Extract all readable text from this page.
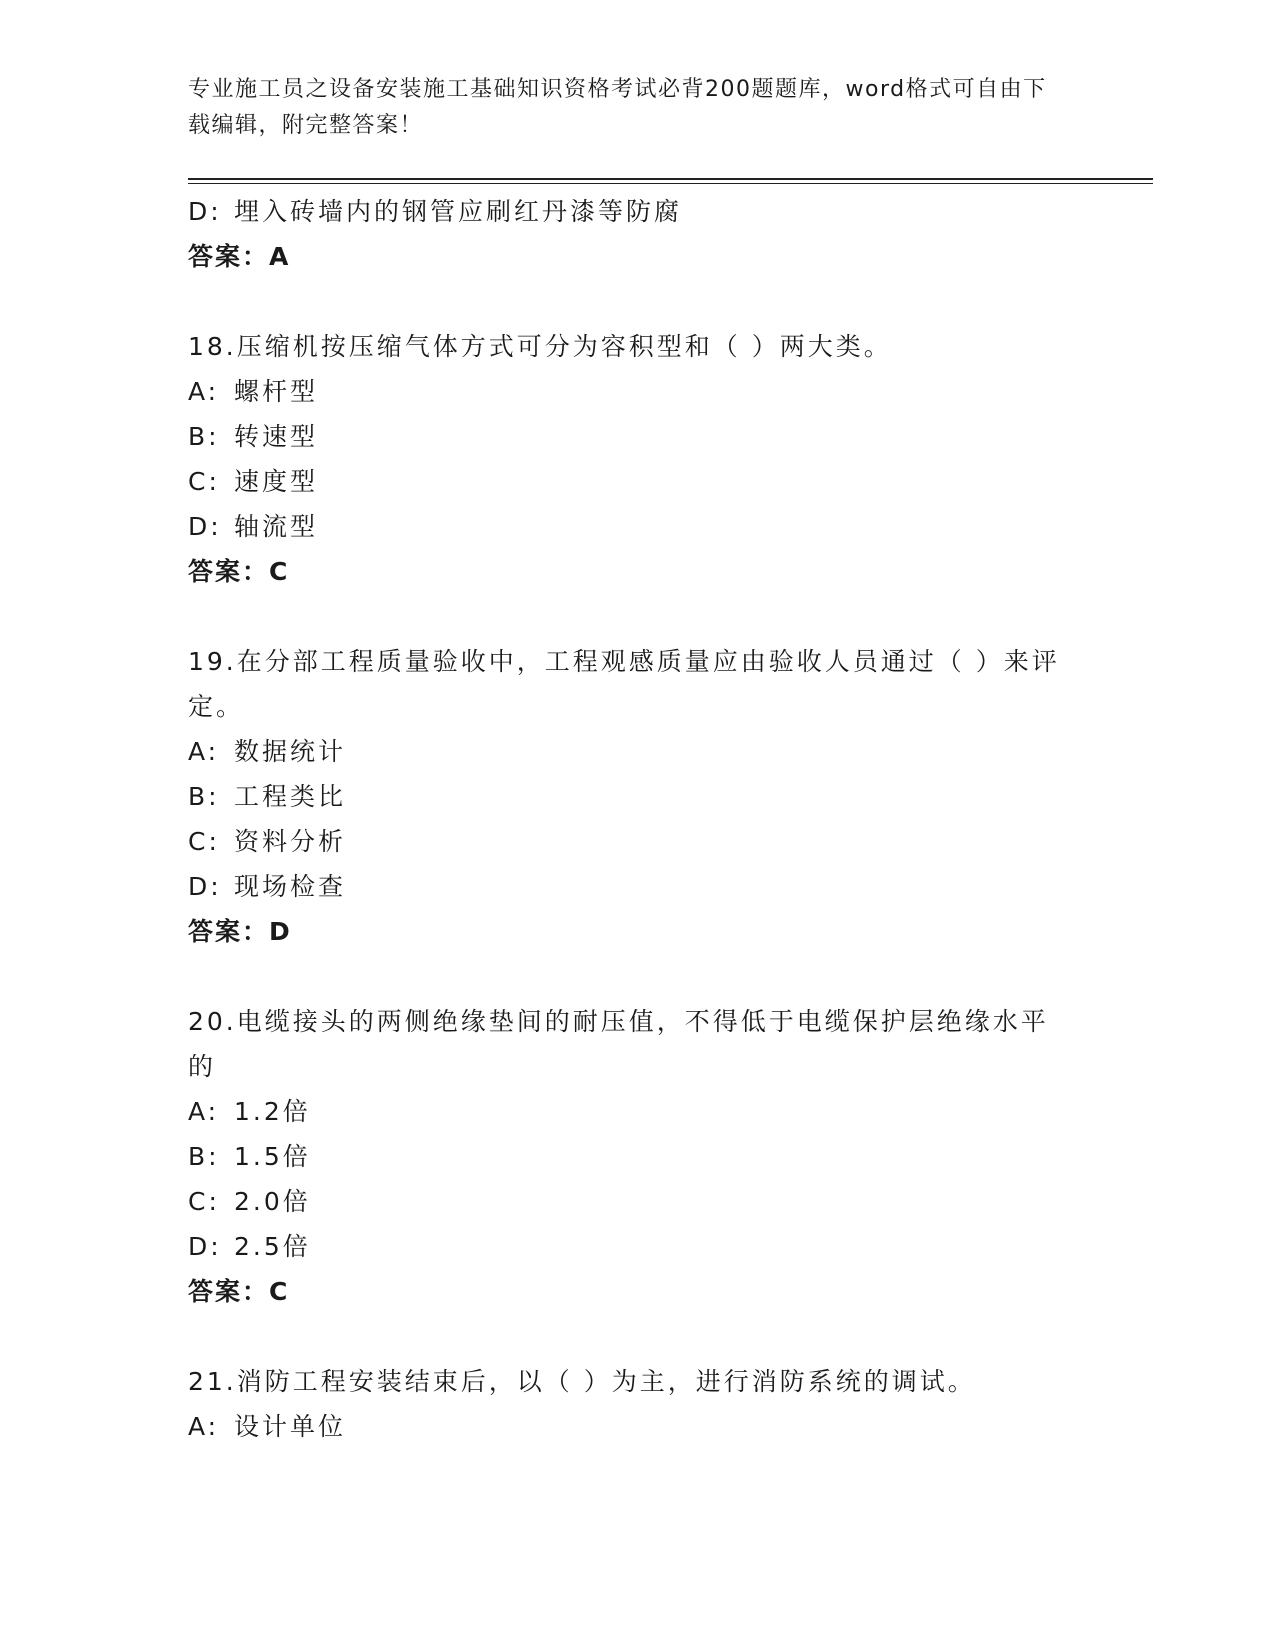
专业施工员之设备安装施工基础知识资格考试必背200题题库，word格式可自由下载编辑，附完整答案！
D: 埋入砖墙内的钢管应刷红丹漆等防腐
答案：A
18.压缩机按压缩气体方式可分为容积型和（ ）两大类。
A: 螺杆型
B: 转速型
C: 速度型
D: 轴流型
答案：C
19.在分部工程质量验收中，工程观感质量应由验收人员通过（ ）来评定。
A: 数据统计
B: 工程类比
C: 资料分析
D: 现场检查
答案：D
20.电缆接头的两侧绝缘垫间的耐压值，不得低于电缆保护层绝缘水平的
A: 1.2倍
B: 1.5倍
C: 2.0倍
D: 2.5倍
答案：C
21.消防工程安装结束后，以（ ）为主，进行消防系统的调试。
A: 设计单位
